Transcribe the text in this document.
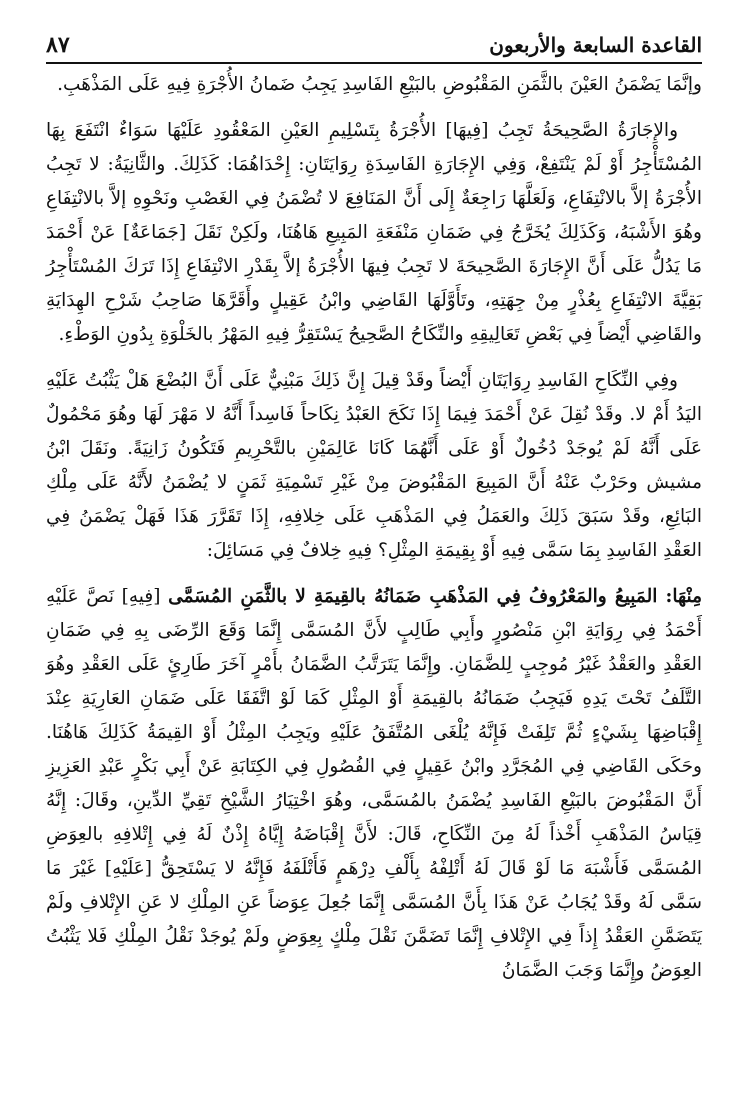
القاعدة السابعة والأربعون
٨٧

وإنَّمَا يَضْمَنُ العَيْنَ بالثَّمَنِ المَقْبُوضِ بالبَيْعِ الفَاسِدِ يَجِبُ ضَمانُ الأُجْرَةِ فِيهِ عَلَى المَذْهَبِ.

والإِجَارَةُ الصَّحِيحَةُ تَجِبُ [فِيهَا] الأُجْرَةُ بِتَسْلِيمِ العَيْنِ المَعْقُودِ عَلَيْهَا سَوَاءٌ انْتَفَعَ بِهَا المُسْتَأْجِرُ أَوْ لَمْ يَنْتَفِعْ، وَفِي الإِجَارَةِ الفَاسِدَةِ رِوَايَتَانِ: إِحْدَاهُمَا: كَذَلِكَ. والثَّانِيَةُ: لا تَجِبُ الأُجْرَةُ إلاَّ بالانْتِفَاعِ، وَلَعَلَّهَا رَاجِعَةٌ إِلَى أَنَّ المَنَافِعَ لا تُضْمَنُ فِي الغَصْبِ ونَحْوِهِ إلاَّ بالانْتِفَاعِ وهُوَ الأَشْبَهُ، وَكَذَلِكَ يُخَرَّجُ فِي ضَمَانِ مَنْفَعَةِ المَبِيعِ هَاهُنَا، ولَكِنْ نَقَلَ [جَمَاعَةٌ] عَنْ أَحْمَدَ مَا يَدُلُّ عَلَى أَنَّ الإِجَارَةَ الصَّحِيحَةَ لا تَجِبُ فِيهَا الأُجْرَةُ إلاَّ بِقَدْرِ الانْتِفَاعِ إِذَا تَرَكَ المُسْتَأْجِرُ بَقِيَّةَ الانْتِفَاعِ بِعُذْرٍ مِنْ جِهَتِهِ، وتَأَوَّلَهَا القَاضِي وابْنُ عَقِيلٍ وأَقَرَّهَا صَاحِبُ شَرْحِ الهِدَايَةِ والقَاضِي أَيْضاً فِي بَعْضِ تَعَالِيقِهِ والنِّكَاحُ الصَّحِيحُ يَسْتَقِرُّ فِيهِ المَهْرُ بالخَلْوَةِ بِدُونِ الوَطْءِ.

وفِي النِّكَاحِ الفَاسِدِ رِوَايَتَانِ أَيْضاً وقَدْ قِيلَ إِنَّ ذَلِكَ مَبْنِيٌّ عَلَى أَنَّ البُضْعَ هَلْ يَثْبُتُ عَلَيْهِ اليَدُ أَمْ لا. وقَدْ نُقِلَ عَنْ أَحْمَدَ فِيمَا إِذَا نَكَحَ العَبْدُ نِكَاحاً فَاسِداً أَنَّهُ لا مَهْرَ لَهَا وهُوَ مَحْمُولٌ عَلَى أَنَّهُ لَمْ يُوجَدْ دُخُولٌ أَوْ عَلَى أَنَّهُمَا كَانَا عَالِمَيْنِ بالتَّحْرِيمِ فَتَكُونُ زَانِيَةً. ونَقَلَ ابْنُ مشيش وحَرْبٌ عَنْهُ أَنَّ المَبِيعَ المَقْبُوضَ مِنْ غَيْرِ تَسْمِيَةِ ثَمَنٍ لا يُضْمَنُ لأَنَّهُ عَلَى مِلْكِ البَائِعِ، وقَدْ سَبَقَ ذَلِكَ والعَمَلُ فِي المَذْهَبِ عَلَى خِلافِهِ، إِذَا تَقَرَّرَ هَذَا فَهَلْ يَضْمَنُ فِي العَقْدِ الفَاسِدِ بِمَا سَمَّى فِيهِ أَوْ بِقِيمَةِ المِثْلِ؟ فِيهِ خِلافٌ فِي مَسَائِلَ:

مِنْهَا: المَبِيعُ والمَعْرُوفُ فِي المَذْهَبِ ضَمَانُهُ بالقِيمَةِ لا بالثَّمَنِ المُسَمَّى [فِيهِ] نَصَّ عَلَيْهِ أَحْمَدُ فِي رِوَايَةِ ابْنِ مَنْصُورٍ وأَبِي طَالِبٍ لأَنَّ المُسَمَّى إِنَّمَا وَقَعَ الرِّضَى بِهِ فِي ضَمَانِ العَقْدِ والعَقْدُ غَيْرُ مُوجِبٍ لِلضَّمَانِ. وإِنَّمَا يَتَرَتَّبُ الضَّمَانُ بأَمْرٍ آخَرَ طَارِئٍ عَلَى العَقْدِ وهُوَ التَّلَفُ تَحْتَ يَدِهِ فَيَجِبُ ضَمَانُهُ بالقِيمَةِ أَوْ المِثْلِ كَمَا لَوْ اتَّفَقَا عَلَى ضَمَانِ العَارِيَةِ عِنْدَ إِقْبَاضِهَا بِشَيْءٍ ثُمَّ تَلِفَتْ فَإِنَّهُ يُلْغَى المُتَّفَقُ عَلَيْهِ ويَجِبُ المِثْلُ أَوْ القِيمَةُ كَذَلِكَ هَاهُنَا. وحَكَى القَاضِي فِي المُجَرَّدِ وابْنُ عَقِيلٍ فِي الفُصُولِ فِي الكِتَابَةِ عَنْ أَبِي بَكْرٍ عَبْدِ العَزِيزِ أَنَّ المَقْبُوضَ بالبَيْعِ الفَاسِدِ يُضْمَنُ بالمُسَمَّى، وهُوَ اخْتِيَارُ الشَّيْخِ تَقِيِّ الدِّينِ، وقَالَ: إِنَّهُ قِيَاسُ المَذْهَبِ أَخْذاً لَهُ مِنَ النِّكَاحِ، قَالَ: لأَنَّ إِقْبَاضَهُ إِيَّاهُ إِذْنٌ لَهُ فِي إِتْلافِهِ بالعِوَضِ المُسَمَّى فَأَشْبَهَ مَا لَوْ قَالَ لَهُ أَتْلِفْهُ بِأَلْفِ دِرْهَمٍ فَأَتْلَفَهُ فَإِنَّهُ لا يَسْتَحِقُّ [عَلَيْهِ] غَيْرَ مَا سَمَّى لَهُ وقَدْ يُجَابُ عَنْ هَذَا بِأَنَّ المُسَمَّى إِنَّمَا جُعِلَ عِوَضاً عَنِ المِلْكِ لا عَنِ الإِتْلافِ ولَمْ يَتَضَمَّنِ العَقْدُ إِذاً فِي الإِتْلافِ إِنَّمَا تَضَمَّنَ نَقْلَ مِلْكٍ بِعِوَضٍ ولَمْ يُوجَدْ نَقْلُ المِلْكِ فَلا يَثْبُتُ العِوَضُ وإِنَّمَا وَجَبَ الضَّمَانُ
